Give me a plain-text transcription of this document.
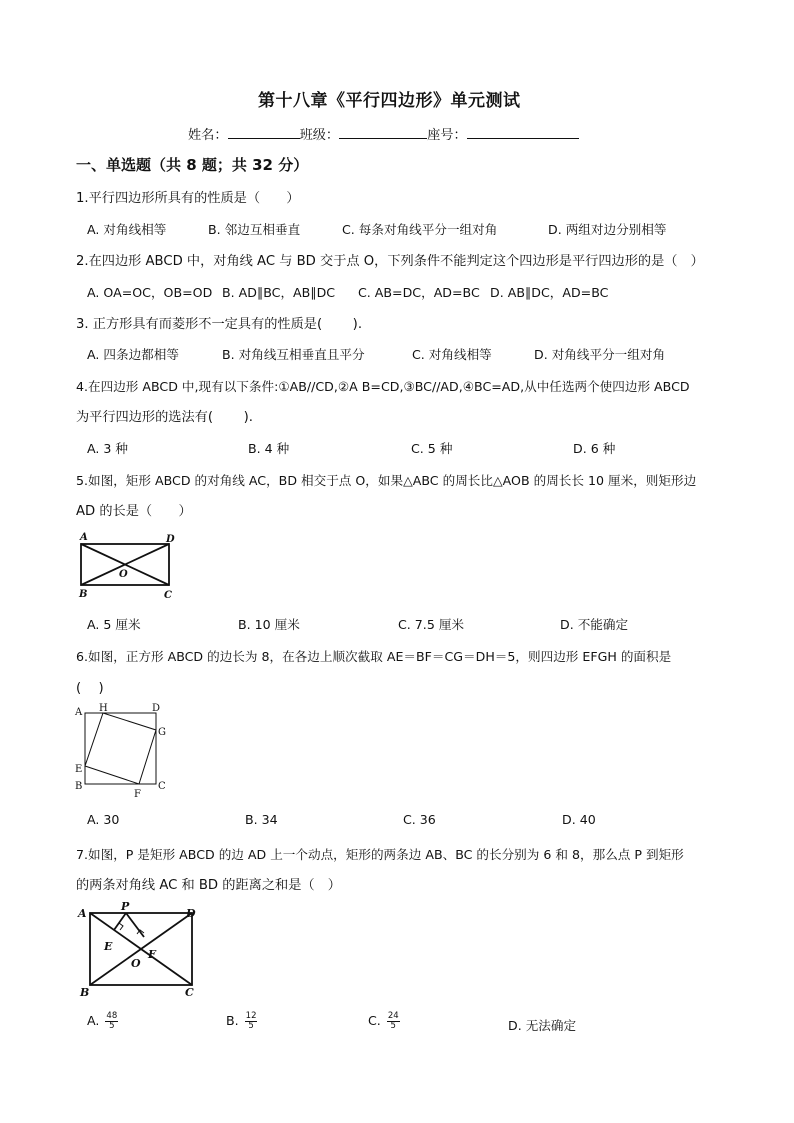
第十八章《平行四边形》单元测试
姓名：	班级：	座号：
一、单选题（共 8 题；共 32 分）
1.平行四边形所具有的性质是（　　）
A. 对角线相等	B. 邻边互相垂直	C. 每条对角线平分一组对角	D. 两组对边分别相等
2.在四边形 ABCD 中，对角线 AC 与 BD 交于点 O，下列条件不能判定这个四边形是平行四边形的是（　）
A. OA=OC，OB=OD B. AD∥BC，AB∥DC C. AB=DC，AD=BC D. AB∥DC，AD=BC
3. 正方形具有而菱形不一定具有的性质是(　　 ).
A. 四条边都相等	B. 对角线互相垂直且平分	C. 对角线相等	D. 对角线平分一组对角
4.在四边形 ABCD 中,现有以下条件:①AB//CD,②A B=CD,③BC//AD,④BC=AD,从中任选两个使四边形 ABCD
为平行四边形的选法有(　　 ).
A. 3 种	B. 4 种	C. 5 种	D. 6 种
5.如图，矩形 ABCD 的对角线 AC，BD 相交于点 O，如果△ABC 的周长比△AOB 的周长长 10 厘米，则矩形边
AD 的长是（　　）
A	D
B	C
O
A. 5 厘米	B. 10 厘米	C. 7.5 厘米	D. 不能确定
6.如图，正方形 ABCD 的边长为 8，在各边上顺次截取 AE＝BF＝CG＝DH＝5，则四边形 EFGH 的面积是
(　 )
A H	D
G
E
B
F
C
A. 30	B. 34	C. 36	D. 40
7.如图，P 是矩形 ABCD 的边 AD 上一个动点，矩形的两条边 AB、BC 的长分别为 6 和 8，那么点 P 到矩形
的两条对角线 AC 和 BD 的距离之和是（　）
A
P
D
E
F
O
B	C
A. $\frac{48}{5}$	B. $\frac{12}{5}$	C. $\frac{24}{5}$	D. 无法确定
